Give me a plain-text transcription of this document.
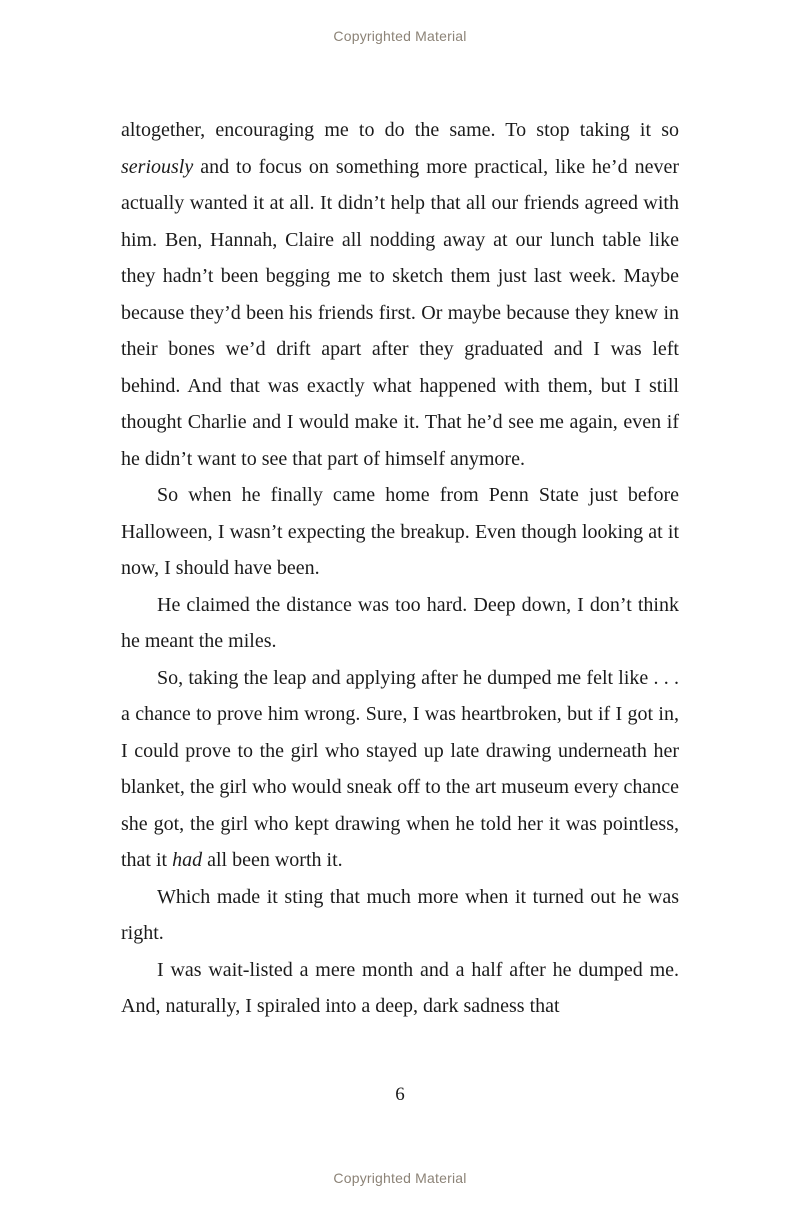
Copyrighted Material

altogether, encouraging me to do the same. To stop taking it so seriously and to focus on something more practical, like he’d never actually wanted it at all. It didn’t help that all our friends agreed with him. Ben, Hannah, Claire all nodding away at our lunch table like they hadn’t been begging me to sketch them just last week. Maybe because they’d been his friends first. Or maybe because they knew in their bones we’d drift apart after they graduated and I was left behind. And that was exactly what happened with them, but I still thought Charlie and I would make it. That he’d see me again, even if he didn’t want to see that part of himself anymore.

So when he finally came home from Penn State just before Halloween, I wasn’t expecting the breakup. Even though looking at it now, I should have been.

He claimed the distance was too hard. Deep down, I don’t think he meant the miles.

So, taking the leap and applying after he dumped me felt like . . . a chance to prove him wrong. Sure, I was heartbroken, but if I got in, I could prove to the girl who stayed up late drawing underneath her blanket, the girl who would sneak off to the art museum every chance she got, the girl who kept drawing when he told her it was pointless, that it had all been worth it.

Which made it sting that much more when it turned out he was right.

I was wait-listed a mere month and a half after he dumped me. And, naturally, I spiraled into a deep, dark sadness that

6
Copyrighted Material
